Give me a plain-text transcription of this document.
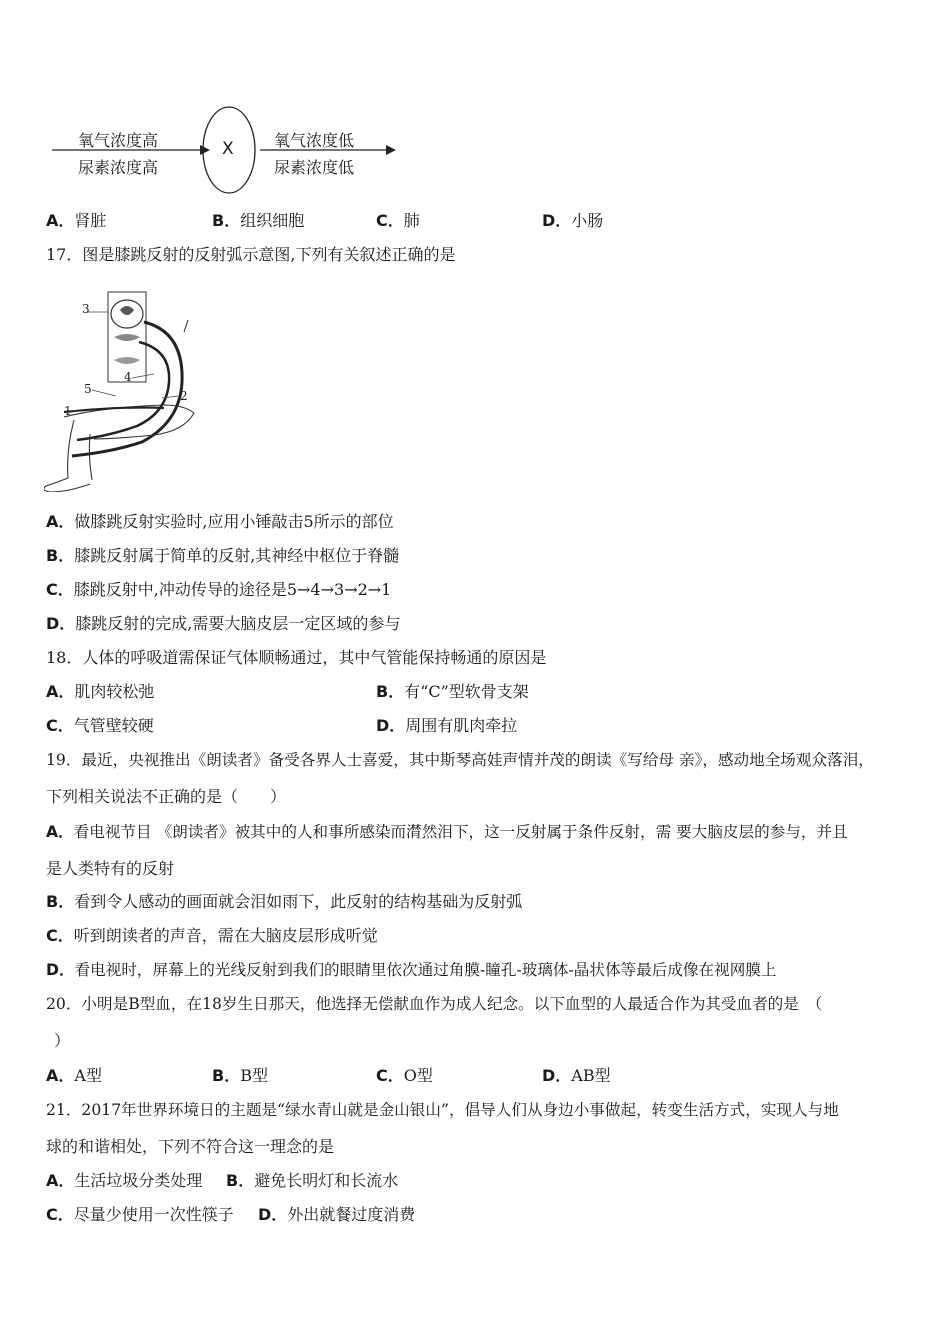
氧气浓度高
尿素浓度高
X	氧气浓度低
尿素浓度低
A．肾脏	B．组织细胞	C．肺	D．小肠
17．图是膝跳反射的反射弧示意图,下列有关叙述正确的是
3
4
5
1
2
A．做膝跳反射实验时,应用小锤敲击5所示的部位
B．膝跳反射属于简单的反射,其神经中枢位于脊髓
C．膝跳反射中,冲动传导的途径是5→4→3→2→1
D．膝跳反射的完成,需要大脑皮层一定区域的参与
18．人体的呼吸道需保证气体顺畅通过，其中气管能保持畅通的原因是
A．肌肉较松弛	B．有“C”型软骨支架
C．气管壁较硬	D．周围有肌肉牵拉
19．最近，央视推出《朗读者》备受各界人士喜爱，其中斯琴高娃声情并茂的朗读《写给母 亲》，感动地全场观众落泪，
下列相关说法不正确的是（　　）
A．看电视节目 《朗读者》被其中的人和事所感染而潸然泪下，这一反射属于条件反射，需 要大脑皮层的参与，并且
是人类特有的反射
B．看到令人感动的画面就会泪如雨下，此反射的结构基础为反射弧
C．听到朗读者的声音，需在大脑皮层形成听觉
D．看电视时，屏幕上的光线反射到我们的眼睛里依次通过角膜-瞳孔-玻璃体-晶状体等最后成像在视网膜上
20．小明是B型血，在18岁生日那天，他选择无偿献血作为成人纪念。以下血型的人最适合作为其受血者的是　（
）
A．A型	B．B型	C．O型	D．AB型
21．2017年世界环境日的主题是“绿水青山就是金山银山”，倡导人们从身边小事做起，转变生活方式，实现人与地
球的和谐相处，下列不符合这一理念的是
A．生活垃圾分类处理 B．避免长明灯和长流水
C．尽量少使用一次性筷子 D．外出就餐过度消费
